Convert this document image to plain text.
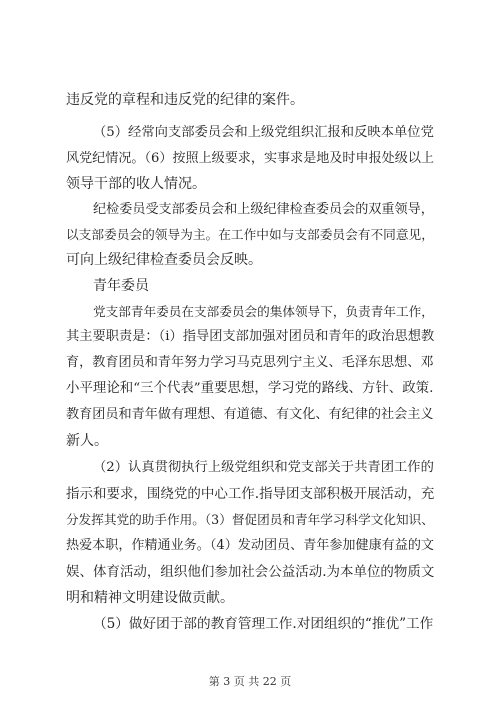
违反党的章程和违反党的纪律的案件。
（5）经常向支部委员会和上级党组织汇报和反映本单位党
风党纪情况。（6）按照上级要求，实事求是地及时申报处级以上
领导干部的收人情况。
纪检委员受支部委员会和上级纪律检查委员会的双重领导，
以支部委员会的领导为主。在工作中如与支部委员会有不同意见，
可向上级纪律检查委员会反映。
青年委员
党支部青年委员在支部委员会的集体领导下，负责青年工作，
其主要职责是：（i）指导团支部加强对团员和青年的政治思想教
育，教育团员和青年努力学习马克思列宁主义、毛泽东思想、邓
小平理论和“三个代表”重要思想，学习党的路线、方针、政策.
教育团员和青年做有理想、有道德、有文化、有纪律的社会主义
新人。
（2）认真贯彻执行上级党组织和党支部关于共青团工作的
指示和要求，围绕党的中心工作.指导团支部积极开展活动，充
分发挥其党的助手作用。（3）督促团员和青年学习科学文化知识、
热爱本职，作精通业务。（4）发动团员、青年参加健康有益的文
娱、体育活动，组织他们参加社会公益活动.为本单位的物质文
明和精神文明建设做贡献。
（5）做好团于部的教育管理工作.对团组织的“推优”工作
第 3 页 共 22 页
